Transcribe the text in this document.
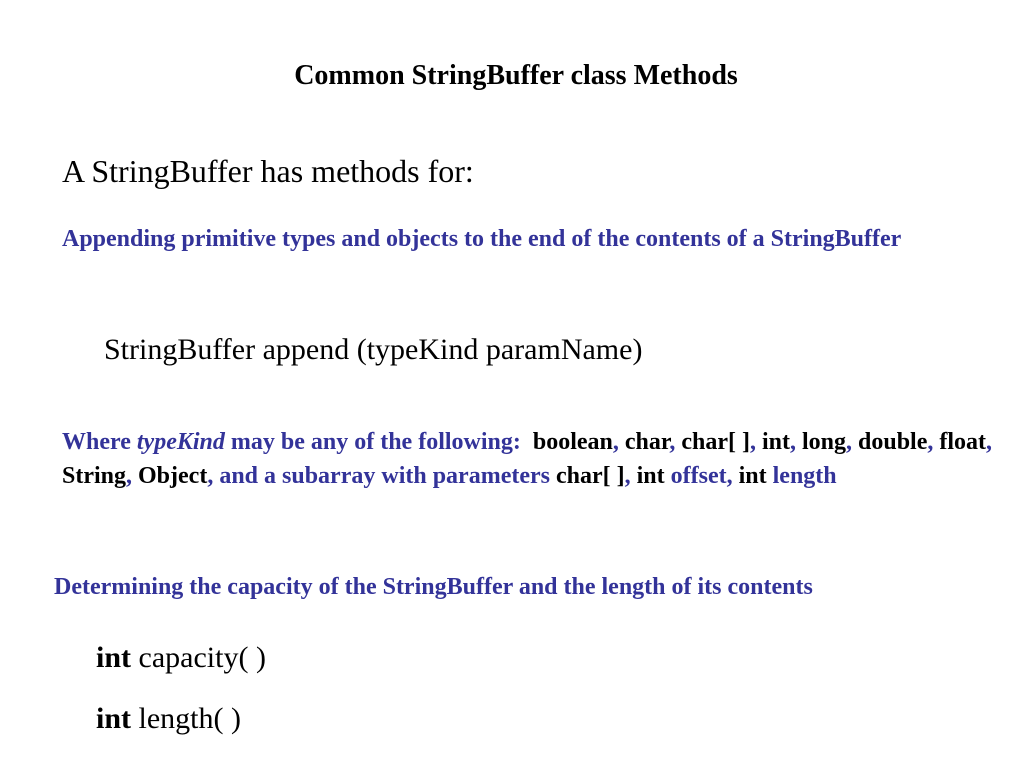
Common StringBuffer class Methods

A StringBuffer has methods for:

Appending primitive types and objects to the end of the contents of a StringBuffer

StringBuffer append (typeKind paramName)

Where typeKind may be any of the following: boolean, char, char[ ], int, long, double, float, String, Object, and a subarray with parameters char[ ], int offset, int length

Determining the capacity of the StringBuffer and the length of its contents

int capacity( )

int length( )
